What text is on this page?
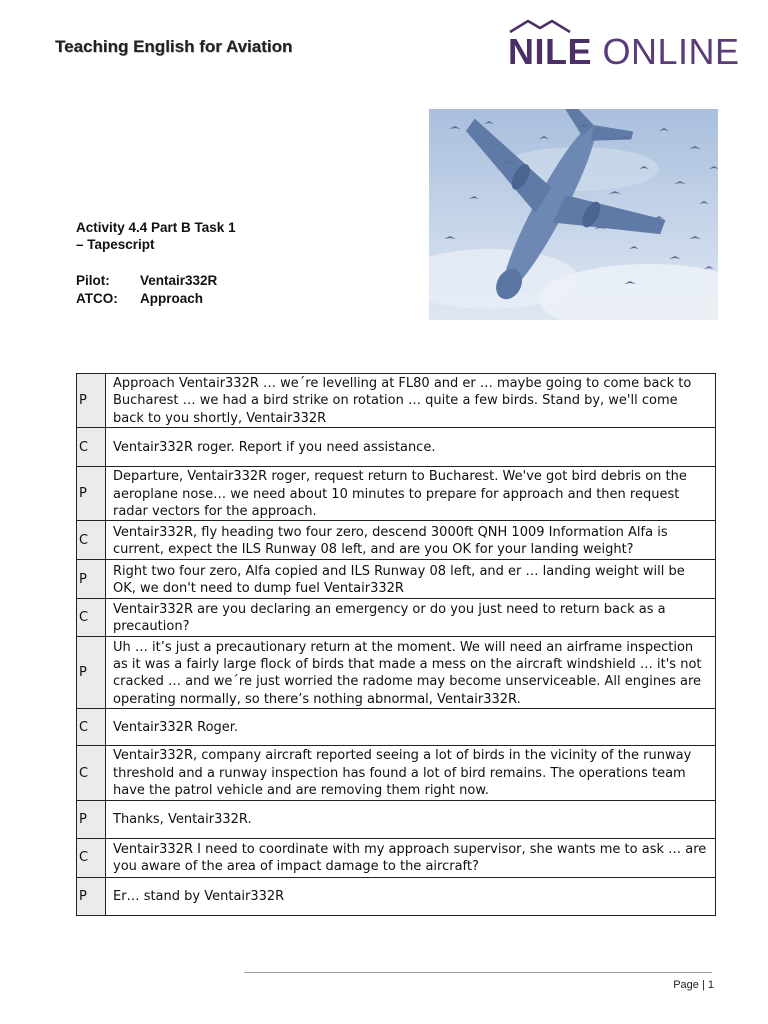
Teaching English for Aviation	NILE ONLINE
Activity 4.4 Part B Task 1
– Tapescript
Pilot:	Ventair332R
ATCO:	Approach
P	Approach Ventair332R … we´re levelling at FL80 and er … maybe going to come back to Bucharest … we had a bird strike on rotation … quite a few birds. Stand by, we'll come back to you shortly, Ventair332R
C	Ventair332R roger. Report if you need assistance.
P	Departure, Ventair332R roger, request return to Bucharest. We've got bird debris on the aeroplane nose… we need about 10 minutes to prepare for approach and then request radar vectors for the approach.
C	Ventair332R, fly heading two four zero, descend 3000ft QNH 1009 Information Alfa is current, expect the ILS Runway 08 left, and are you OK for your landing weight?
P	Right two four zero, Alfa copied and ILS Runway 08 left, and er … landing weight will be OK, we don't need to dump fuel Ventair332R
C	Ventair332R are you declaring an emergency or do you just need to return back as a precaution?
P	Uh … it’s just a precautionary return at the moment. We will need an airframe inspection as it was a fairly large flock of birds that made a mess on the aircraft windshield … it's not cracked … and we´re just worried the radome may become unserviceable. All engines are operating normally, so there’s nothing abnormal, Ventair332R.
C	Ventair332R Roger.
C	Ventair332R, company aircraft reported seeing a lot of birds in the vicinity of the runway threshold and a runway inspection has found a lot of bird remains. The operations team have the patrol vehicle and are removing them right now.
P	Thanks, Ventair332R.
C	Ventair332R I need to coordinate with my approach supervisor, she wants me to ask … are you aware of the area of impact damage to the aircraft?
P	Er… stand by Ventair332R
Page | 1
